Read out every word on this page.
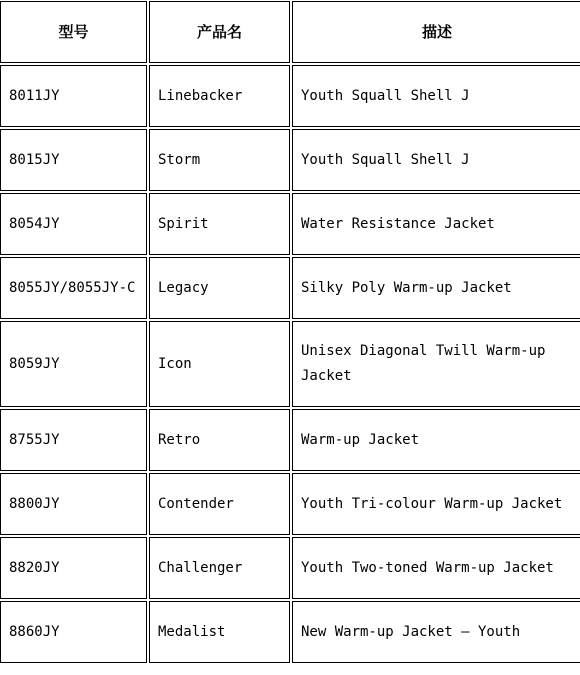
型号	产品名	描述
8011JY	Linebacker	Youth Squall Shell J
8015JY	Storm	Youth Squall Shell J
8054JY	Spirit	Water Resistance Jacket
8055JY/8055JY-C	Legacy	Silky Poly Warm-up Jacket
8059JY	Icon	Unisex Diagonal Twill Warm-up Jacket
8755JY	Retro	Warm-up Jacket
8800JY	Contender	Youth Tri-colour Warm-up Jacket
8820JY	Challenger	Youth Two-toned Warm-up Jacket
8860JY	Medalist	New Warm-up Jacket – Youth
